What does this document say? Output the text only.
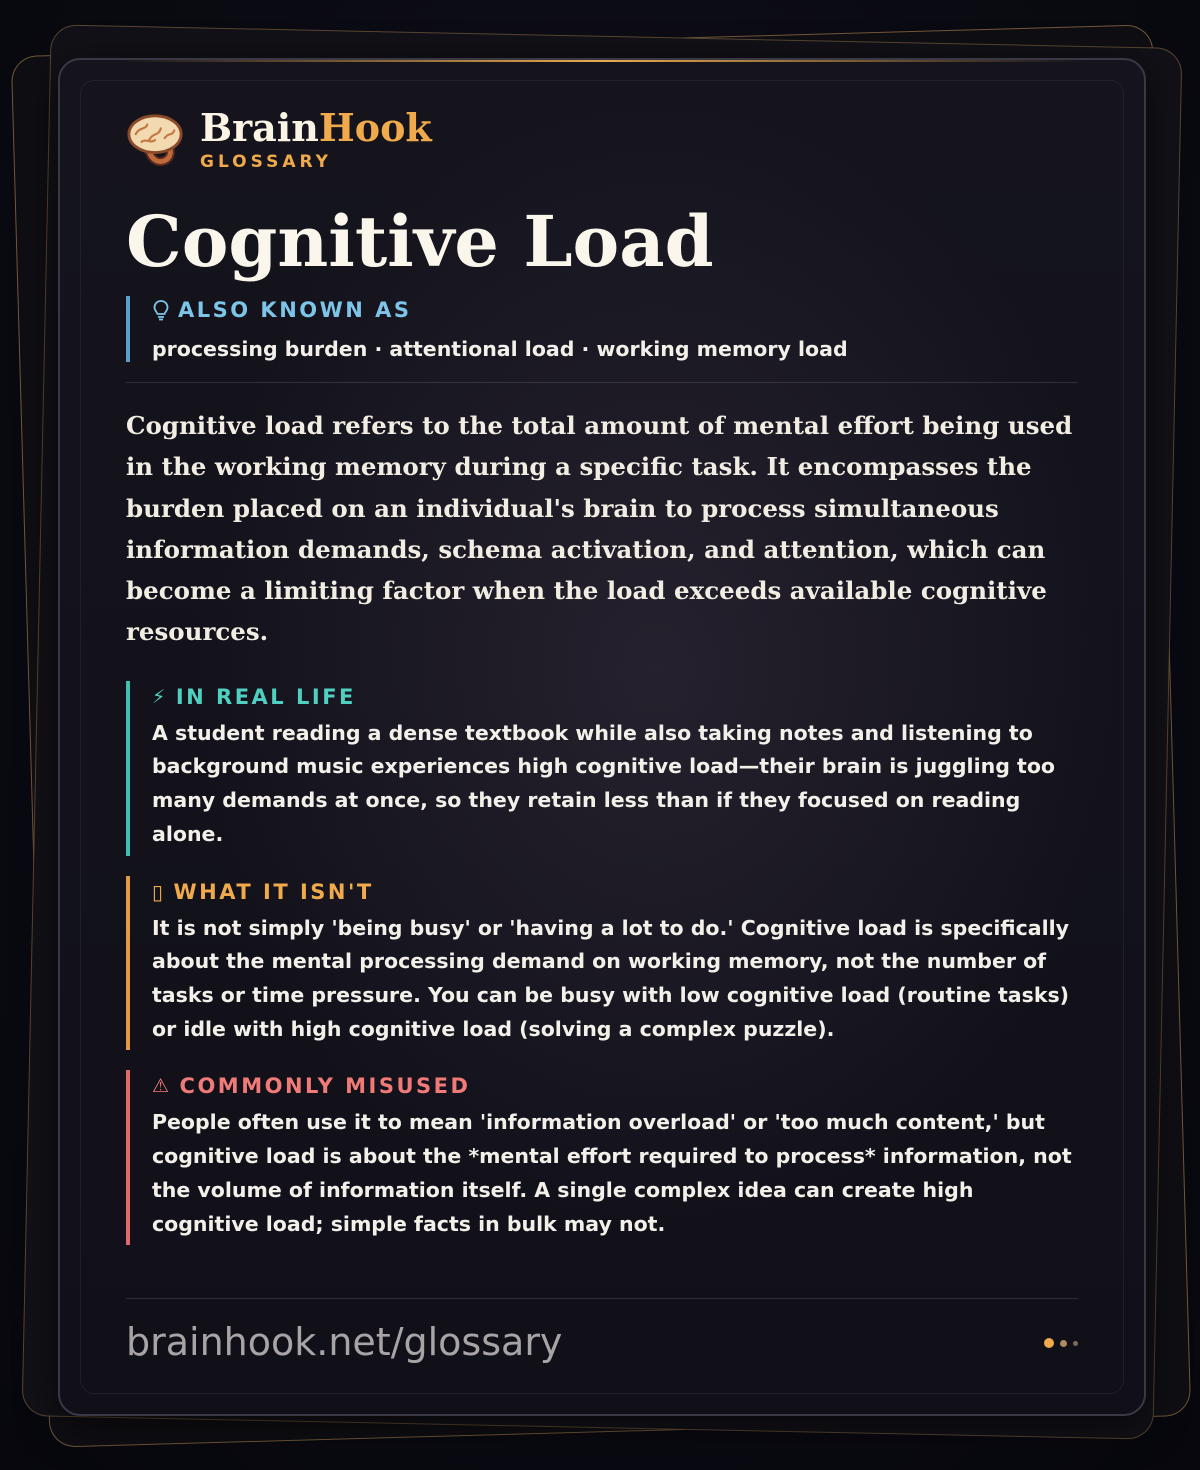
BrainHook
GLOSSARY
Cognitive Load
ALSO KNOWN AS
processing burden · attentional load · working memory load

Cognitive load refers to the total amount of mental effort being used in the working memory during a specific task. It encompasses the burden placed on an individual's brain to process simultaneous information demands, schema activation, and attention, which can become a limiting factor when the load exceeds available cognitive resources.

⚡ IN REAL LIFE
A student reading a dense textbook while also taking notes and listening to background music experiences high cognitive load—their brain is juggling too many demands at once, so they retain less than if they focused on reading alone.
▯ WHAT IT ISN'T
It is not simply 'being busy' or 'having a lot to do.' Cognitive load is specifically about the mental processing demand on working memory, not the number of tasks or time pressure. You can be busy with low cognitive load (routine tasks) or idle with high cognitive load (solving a complex puzzle).
⚠ COMMONLY MISUSED
People often use it to mean 'information overload' or 'too much content,' but cognitive load is about the *mental effort required to process* information, not the volume of information itself. A single complex idea can create high cognitive load; simple facts in bulk may not.
brainhook.net/glossary
